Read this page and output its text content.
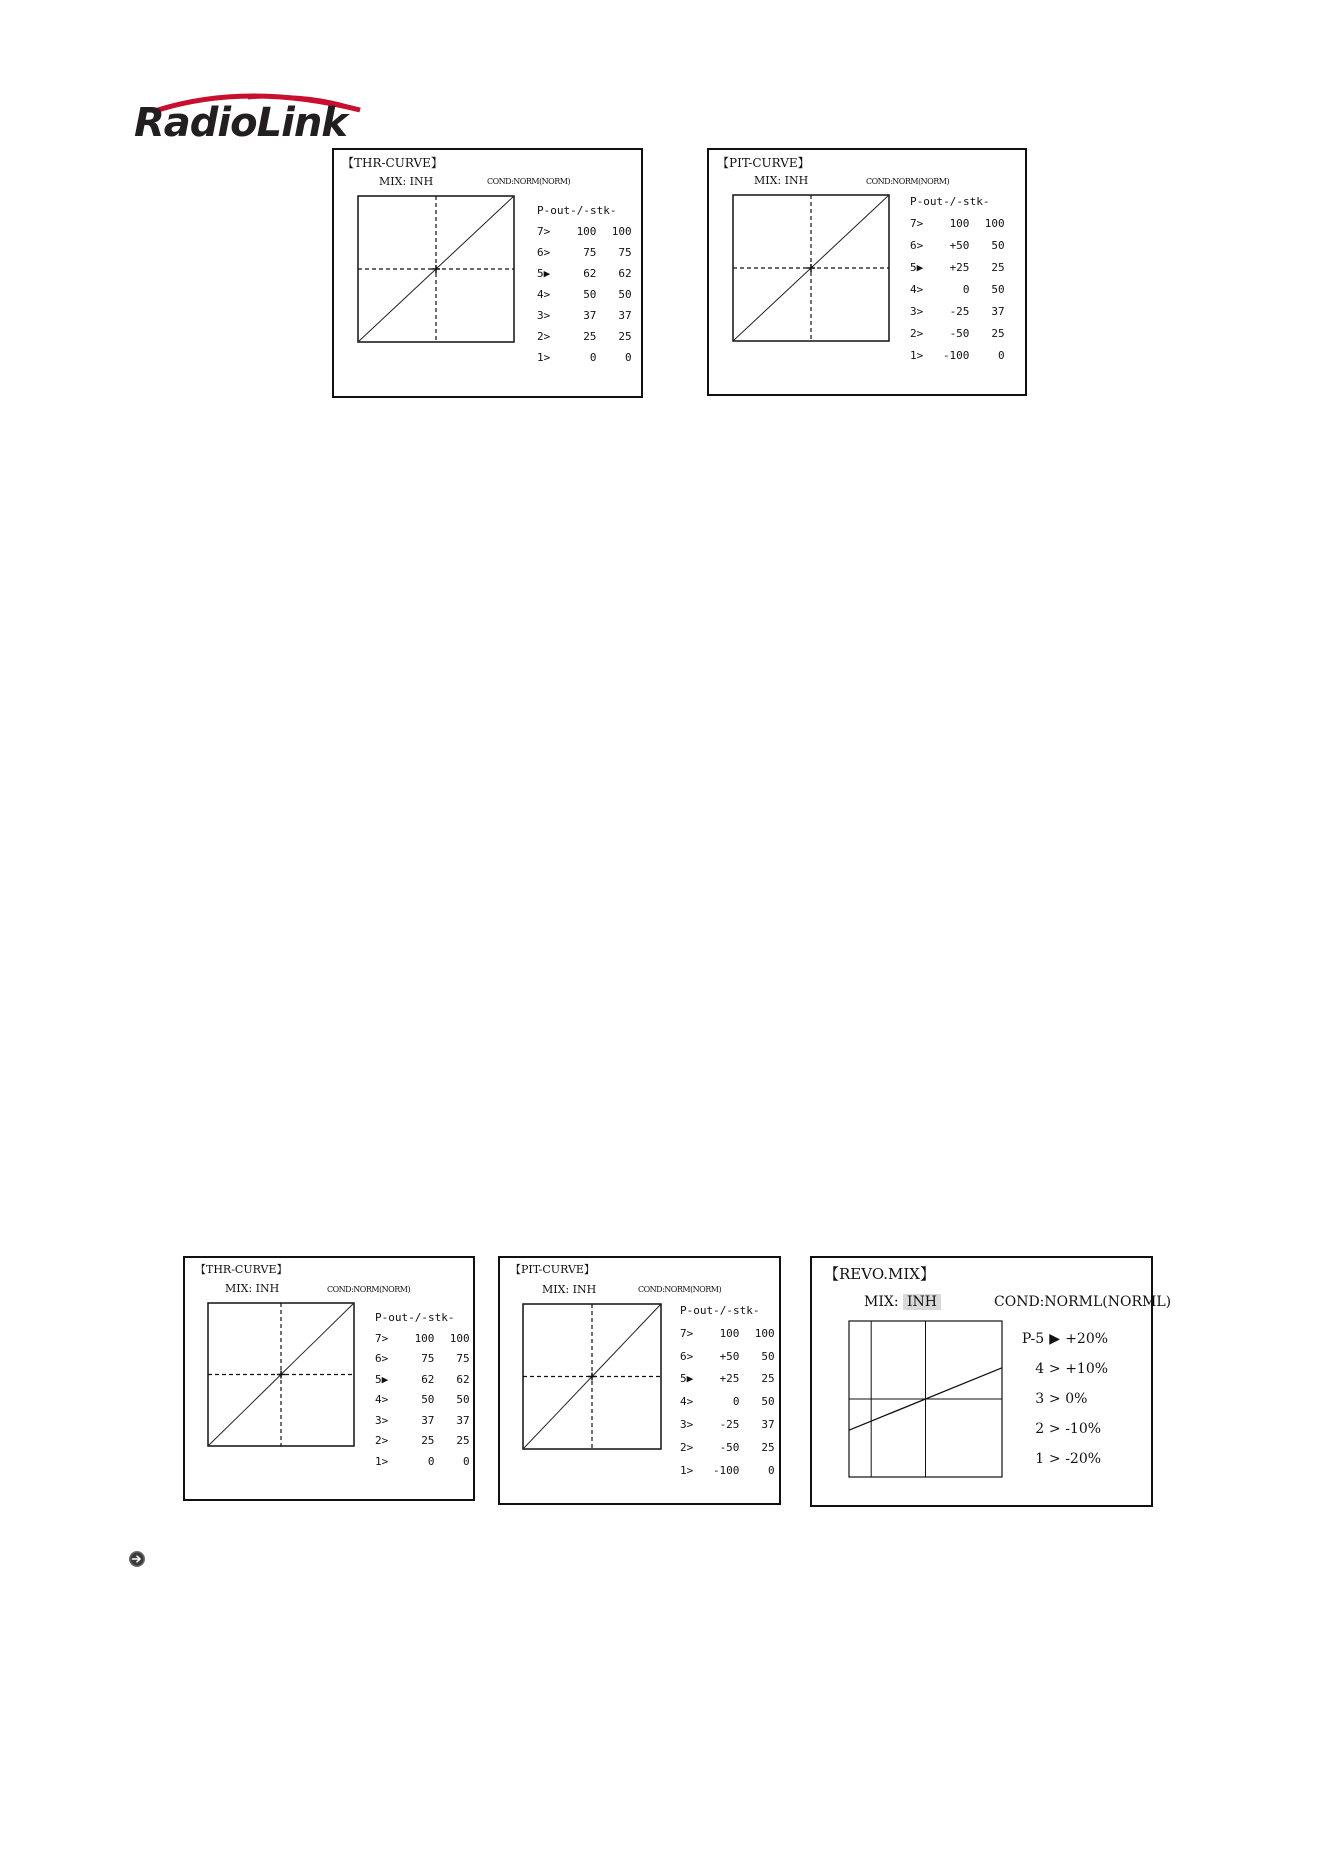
RadioLink
【THR-CURVE】
MIX: INH	COND:NORM(NORM)
P-out-/-stk-
7> 100 100
6>	75 75
5▶	62 62
4>	50 50
3>	37 37
2>	25 25
1>	0	0
【PIT-CURVE】
MIX: INH	COND:NORM(NORM)
P-out-/-stk-
7> 100 100
6> +50 50
5▶ +25 25
4>	0 50
3> -25 37
2> -50 25
1> -100	0
【THR-CURVE】
MIX: INH	COND:NORM(NORM)
P-out-/-stk-
7> 100 100
6>	75 75
5▶	62 62
4>	50 50
3>	37 37
2>	25 25
1>	0	0
【PIT-CURVE】
MIX: INH	COND:NORM(NORM)
P-out-/-stk-
7> 100 100
6> +50 50
5▶ +25 25
4>	0 50
3> -25 37
2> -50 25
1> -100	0
【REVO.MIX】
MIX: INH	COND:NORML(NORML)
P-5 ▶ +20%
4 > +10%
3 > 0%
2 > -10%
1 > -20%
